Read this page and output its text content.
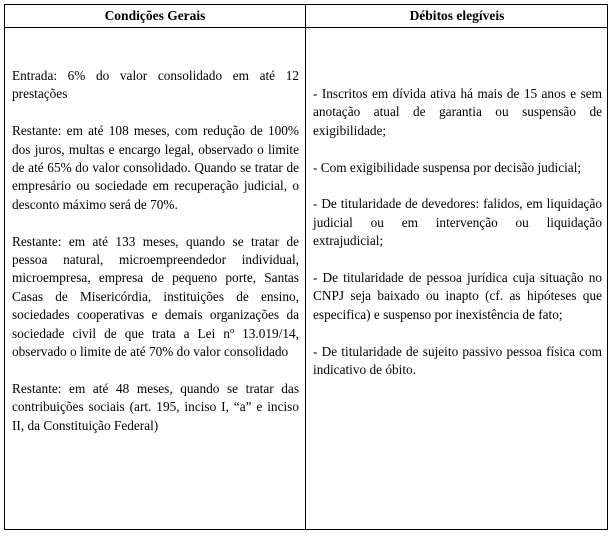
Condições Gerais	Débitos elegíveis

Entrada: 6% do valor consolidado em até 12 prestações

Restante: em até 108 meses, com redução de 100% dos juros, multas e encargo legal, observado o limite de até 65% do valor consolidado. Quando se tratar de empresário ou sociedade em recuperação judicial, o desconto máximo será de 70%.

Restante: em até 133 meses, quando se tratar de pessoa natural, microempreendedor individual, microempresa, empresa de pequeno porte, Santas Casas de Misericórdia, instituições de ensino, sociedades cooperativas e demais organizações da sociedade civil de que trata a Lei nº 13.019/14, observado o limite de até 70% do valor consolidado

Restante: em até 48 meses, quando se tratar das contribuições sociais (art. 195, inciso I, “a” e inciso II, da Constituição Federal)

- Inscritos em dívida ativa há mais de 15 anos e sem anotação atual de garantia ou suspensão de exigibilidade;

- Com exigibilidade suspensa por decisão judicial;

- De titularidade de devedores: falidos, em liquidação judicial ou em intervenção ou liquidação extrajudicial;

- De titularidade de pessoa jurídica cuja situação no CNPJ seja baixado ou inapto (cf. as hipóteses que especifica) e suspenso por inexistência de fato;

- De titularidade de sujeito passivo pessoa física com indicativo de óbito.
